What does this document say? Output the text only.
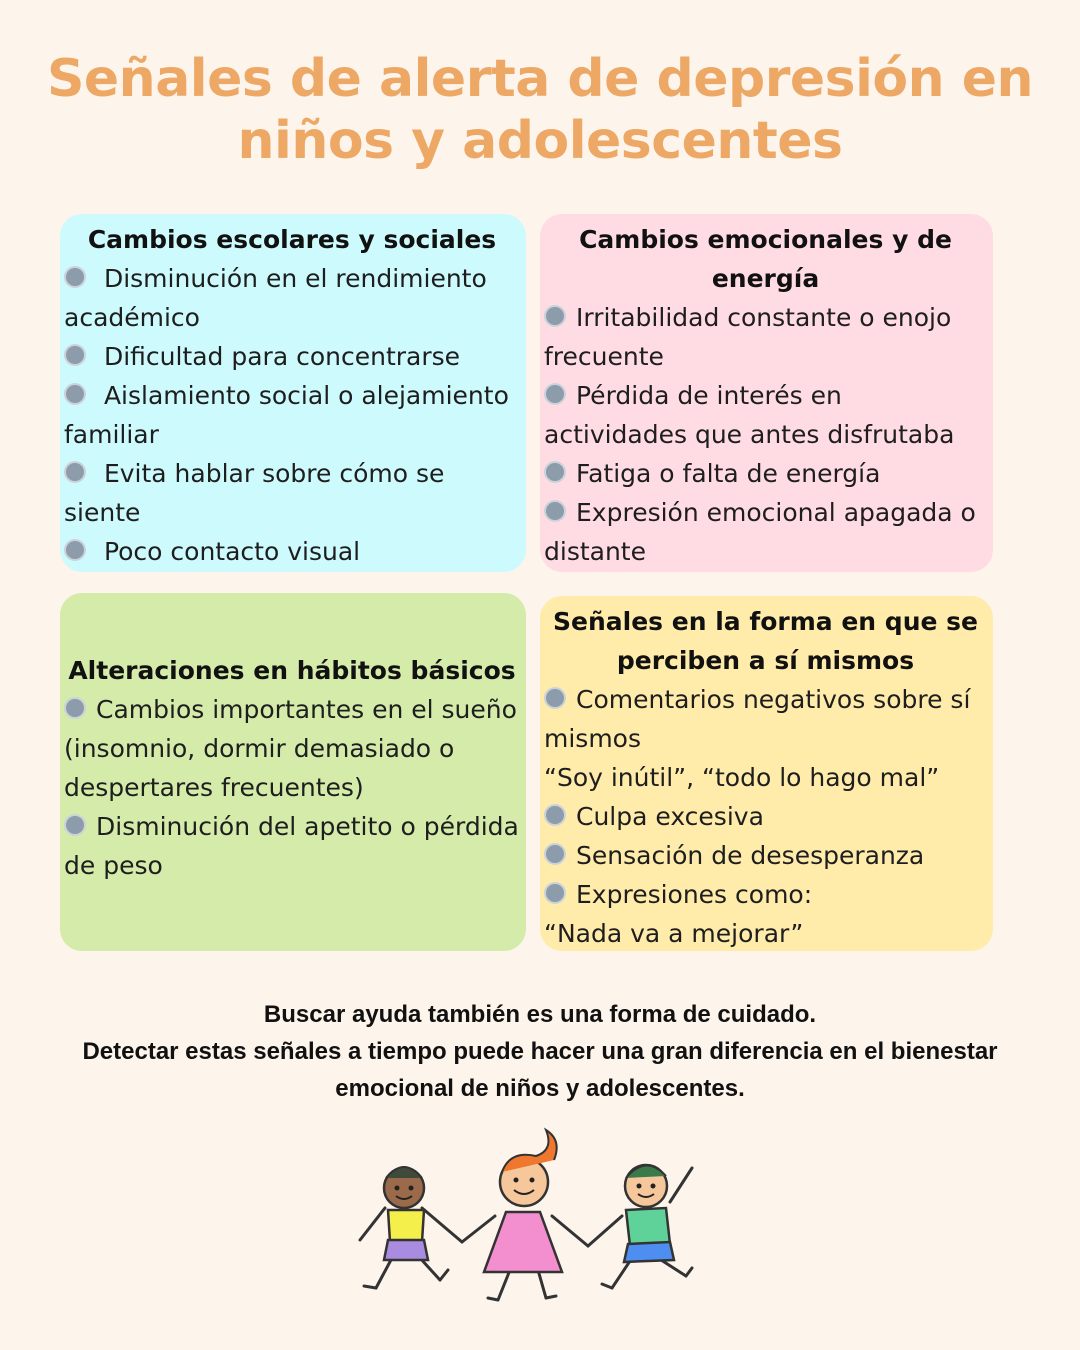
Señales de alerta de depresión en niños y adolescentes
Cambios escolares y sociales
Disminución en el rendimiento académico
Dificultad para concentrarse
Aislamiento social o alejamiento familiar
Evita hablar sobre cómo se siente
Poco contacto visual
Cambios emocionales y de energía
Irritabilidad constante o enojo frecuente
Pérdida de interés en actividades que antes disfrutaba
Fatiga o falta de energía
Expresión emocional apagada o distante
Alteraciones en hábitos básicos
Cambios importantes en el sueño (insomnio, dormir demasiado o despertares frecuentes)
Disminución del apetito o pérdida de peso
Señales en la forma en que se perciben a sí mismos
Comentarios negativos sobre sí mismos
“Soy inútil”, “todo lo hago mal”
Culpa excesiva
Sensación de desesperanza
Expresiones como:
“Nada va a mejorar”

Buscar ayuda también es una forma de cuidado.

Detectar estas señales a tiempo puede hacer una gran diferencia en el bienestar emocional de niños y adolescentes.
